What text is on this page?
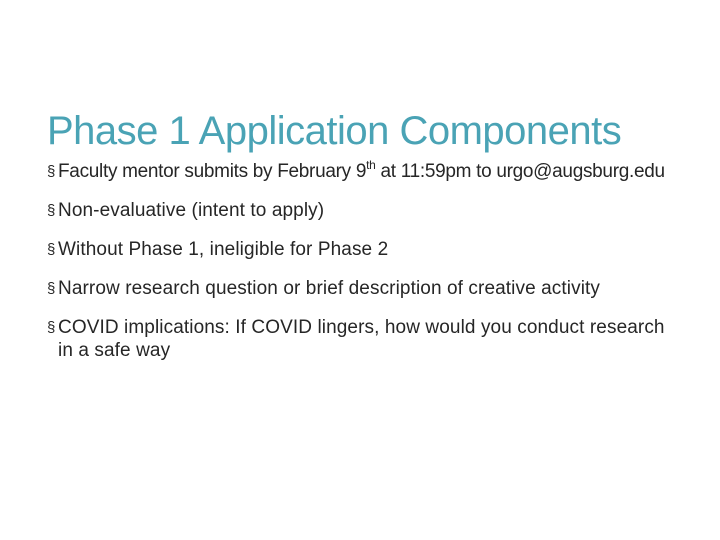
Phase 1 Application Components
§ Faculty mentor submits by February 9th at 11:59pm to urgo@augsburg.edu
§ Non-evaluative (intent to apply)
§ Without Phase 1, ineligible for Phase 2
§ Narrow research question or brief description of creative activity
§ COVID implications: If COVID lingers, how would you conduct research in a safe way
